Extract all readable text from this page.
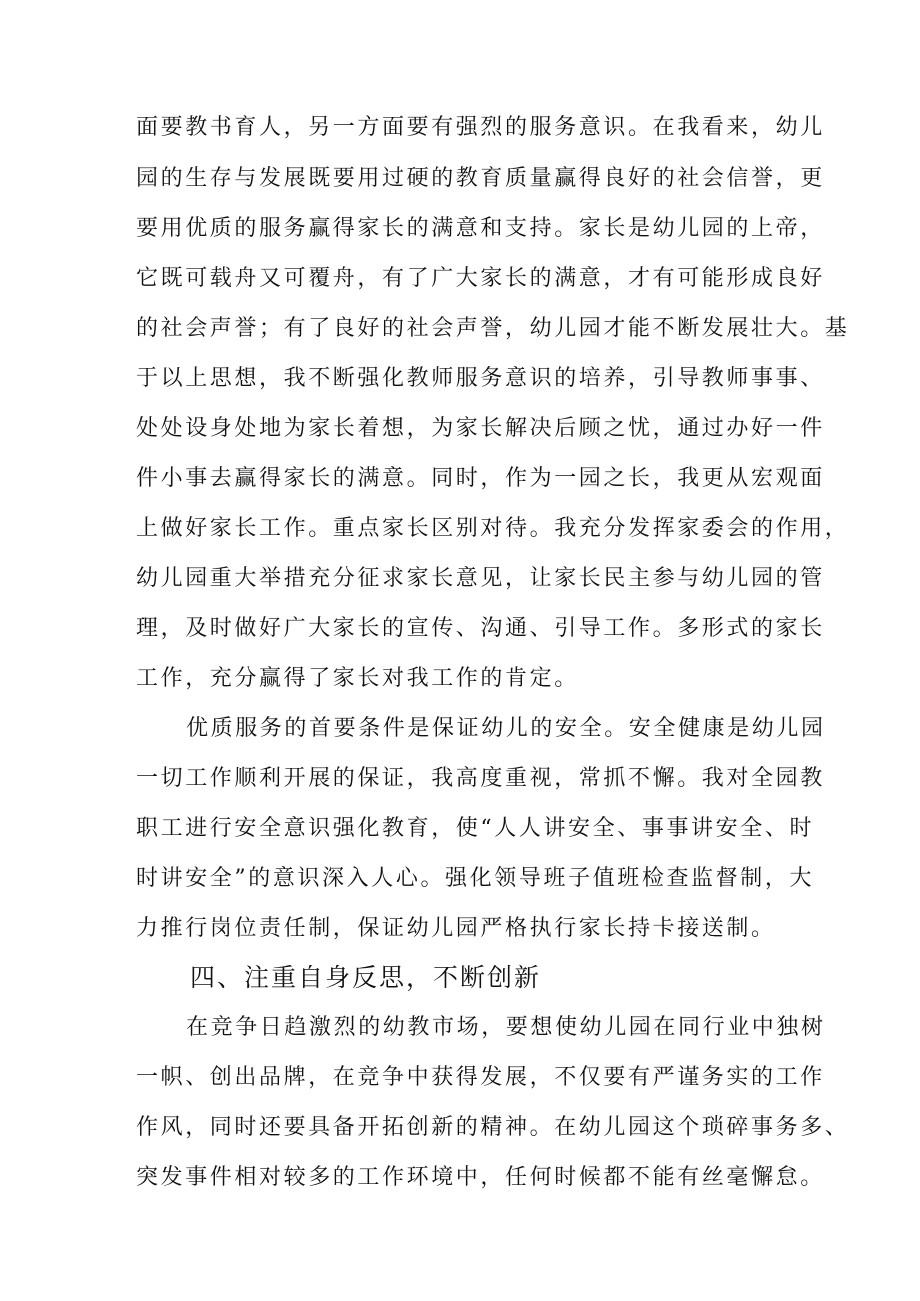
面要教书育人，另一方面要有强烈的服务意识。在我看来，幼儿
园的生存与发展既要用过硬的教育质量赢得良好的社会信誉，更
要用优质的服务赢得家长的满意和支持。家长是幼儿园的上帝，
它既可载舟又可覆舟，有了广大家长的满意，才有可能形成良好
的社会声誉；有了良好的社会声誉，幼儿园才能不断发展壮大。基
于以上思想，我不断强化教师服务意识的培养，引导教师事事、
处处设身处地为家长着想，为家长解决后顾之忧，通过办好一件
件小事去赢得家长的满意。同时，作为一园之长，我更从宏观面
上做好家长工作。重点家长区别对待。我充分发挥家委会的作用，
幼儿园重大举措充分征求家长意见，让家长民主参与幼儿园的管
理，及时做好广大家长的宣传、沟通、引导工作。多形式的家长
工作，充分赢得了家长对我工作的肯定。
优质服务的首要条件是保证幼儿的安全。安全健康是幼儿园
一切工作顺利开展的保证，我高度重视，常抓不懈。我对全园教
职工进行安全意识强化教育，使“人人讲安全、事事讲安全、时
时讲安全”的意识深入人心。强化领导班子值班检查监督制，大
力推行岗位责任制，保证幼儿园严格执行家长持卡接送制。
四、注重自身反思，不断创新
在竞争日趋激烈的幼教市场，要想使幼儿园在同行业中独树
一帜、创出品牌，在竞争中获得发展，不仅要有严谨务实的工作
作风，同时还要具备开拓创新的精神。在幼儿园这个琐碎事务多、
突发事件相对较多的工作环境中，任何时候都不能有丝毫懈怠。
